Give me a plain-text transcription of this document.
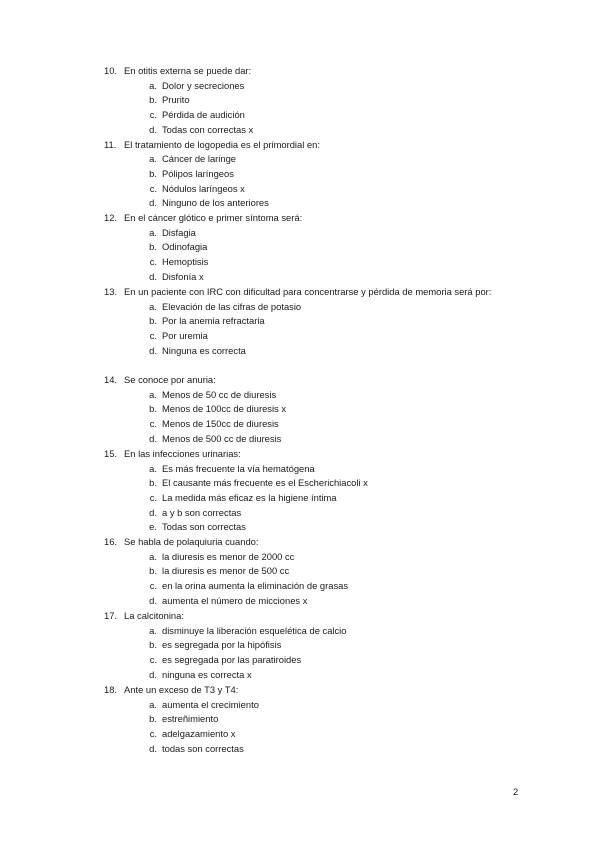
10. En otitis externa se puede dar:
a. Dolor y secreciones
b. Prurito
c. Pérdida de audición
d. Todas con correctas x
11. El tratamiento de logopedia es el primordial en:
a. Cáncer de laringe
b. Pólipos laríngeos
c. Nódulos laríngeos x
d. Ninguno de los anteriores
12. En el cáncer glótico e primer síntoma será:
a. Disfagia
b. Odinofagia
c. Hemoptisis
d. Disfonía x
13. En un paciente con IRC con dificultad para concentrarse y pérdida de memoria será por:
a. Elevación de las cifras de potasio
b. Por la anemia refractaria
c. Por uremia
d. Ninguna es correcta
14. Se conoce por anuria:
a. Menos de 50 cc de diuresis
b. Menos de 100cc de diuresis x
c. Menos de 150cc de diuresis
d. Menos de 500 cc de diuresis
15. En las infecciones urinarias:
a. Es más frecuente la vía hematógena
b. El causante más frecuente es el Escherichiacoli x
c. La medida más eficaz es la higiene íntima
d. a y b son correctas
e. Todas son correctas
16. Se habla de polaquiuria cuando:
a. la diuresis es menor de 2000 cc
b. la diuresis es menor de 500 cc
c. en la orina aumenta la eliminación de grasas
d. aumenta el número de micciones x
17. La calcitonina:
a. disminuye la liberación esquelética de calcio
b. es segregada por la hipófisis
c. es segregada por las paratiroides
d. ninguna es correcta x
18. Ante un exceso de T3 y T4:
a. aumenta el crecimiento
b. estreñimiento
c. adelgazamiento x
d. todas son correctas
2
